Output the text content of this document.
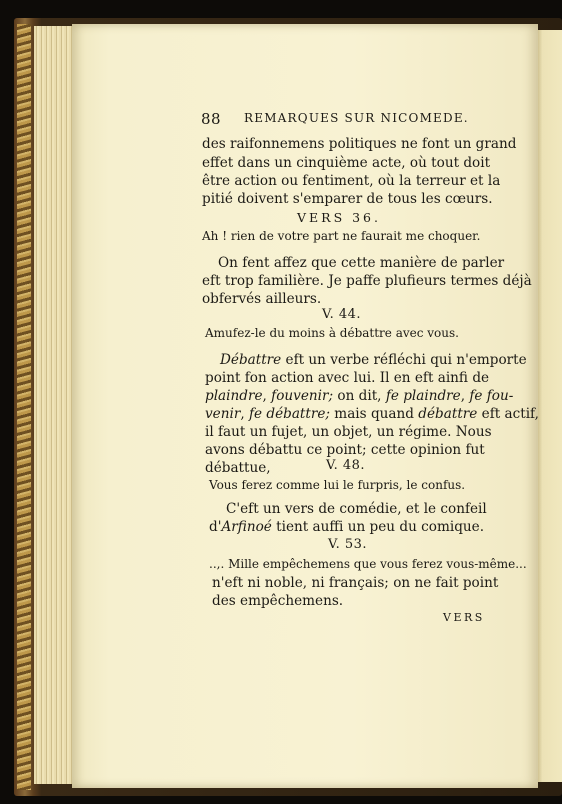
88 REMARQUES SUR NICOMEDE.
des raifonnemens politiques ne font un grand
effet dans un cinquième acte, où tout doit
être action ou fentiment, où la terreur et la
pitié doivent s'emparer de tous les cœurs.
VERS 36.
Ah ! rien de votre part ne faurait me choquer.
On fent affez que cette manière de parler
eft trop familière. Je paffe plufieurs termes déjà
obfervés ailleurs.
V. 44.
Amufez-le du moins à débattre avec vous.
Débattre eft un verbe réfléchi qui n'emporte
point fon action avec lui. Il en eft ainfi de
plaindre, fouvenir; on dit, fe plaindre, fe fou-
venir, fe débattre; mais quand débattre eft actif,
il faut un fujet, un objet, un régime. Nous
avons débattu ce point; cette opinion fut
débattue,	V. 48.
Vous ferez comme lui le furpris, le confus.
C'eft un vers de comédie, et le confeil
d'Arfinoé tient auffi un peu du comique.
V. 53.
..,. Mille empêchemens que vous ferez vous-même...
n'eft ni noble, ni français; on ne fait point
des empêchemens.
VERS
